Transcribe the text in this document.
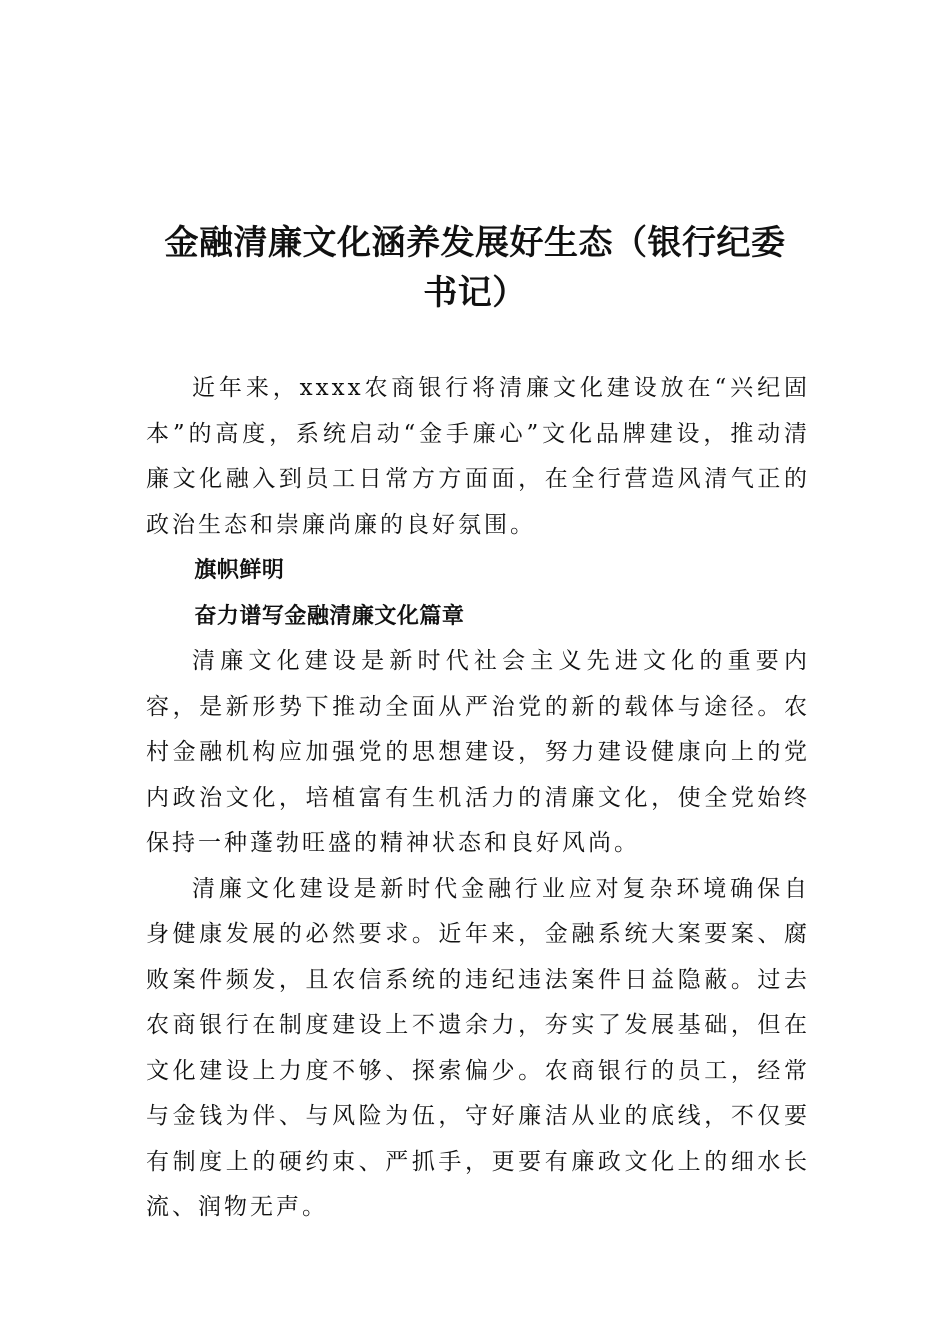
金融清廉文化涵养发展好生态（银行纪委
书记）

近年来，xxxx农商银行将清廉文化建设放在“兴纪固本”的高度，系统启动“金手廉心”文化品牌建设，推动清廉文化融入到员工日常方方面面，在全行营造风清气正的政治生态和崇廉尚廉的良好氛围。

旗帜鲜明

奋力谱写金融清廉文化篇章

清廉文化建设是新时代社会主义先进文化的重要内容，是新形势下推动全面从严治党的新的载体与途径。农村金融机构应加强党的思想建设，努力建设健康向上的党内政治文化，培植富有生机活力的清廉文化，使全党始终保持一种蓬勃旺盛的精神状态和良好风尚。

清廉文化建设是新时代金融行业应对复杂环境确保自身健康发展的必然要求。近年来，金融系统大案要案、腐败案件频发，且农信系统的违纪违法案件日益隐蔽。过去农商银行在制度建设上不遗余力，夯实了发展基础，但在文化建设上力度不够、探索偏少。农商银行的员工，经常与金钱为伴、与风险为伍，守好廉洁从业的底线，不仅要有制度上的硬约束、严抓手，更要有廉政文化上的细水长流、润物无声。
